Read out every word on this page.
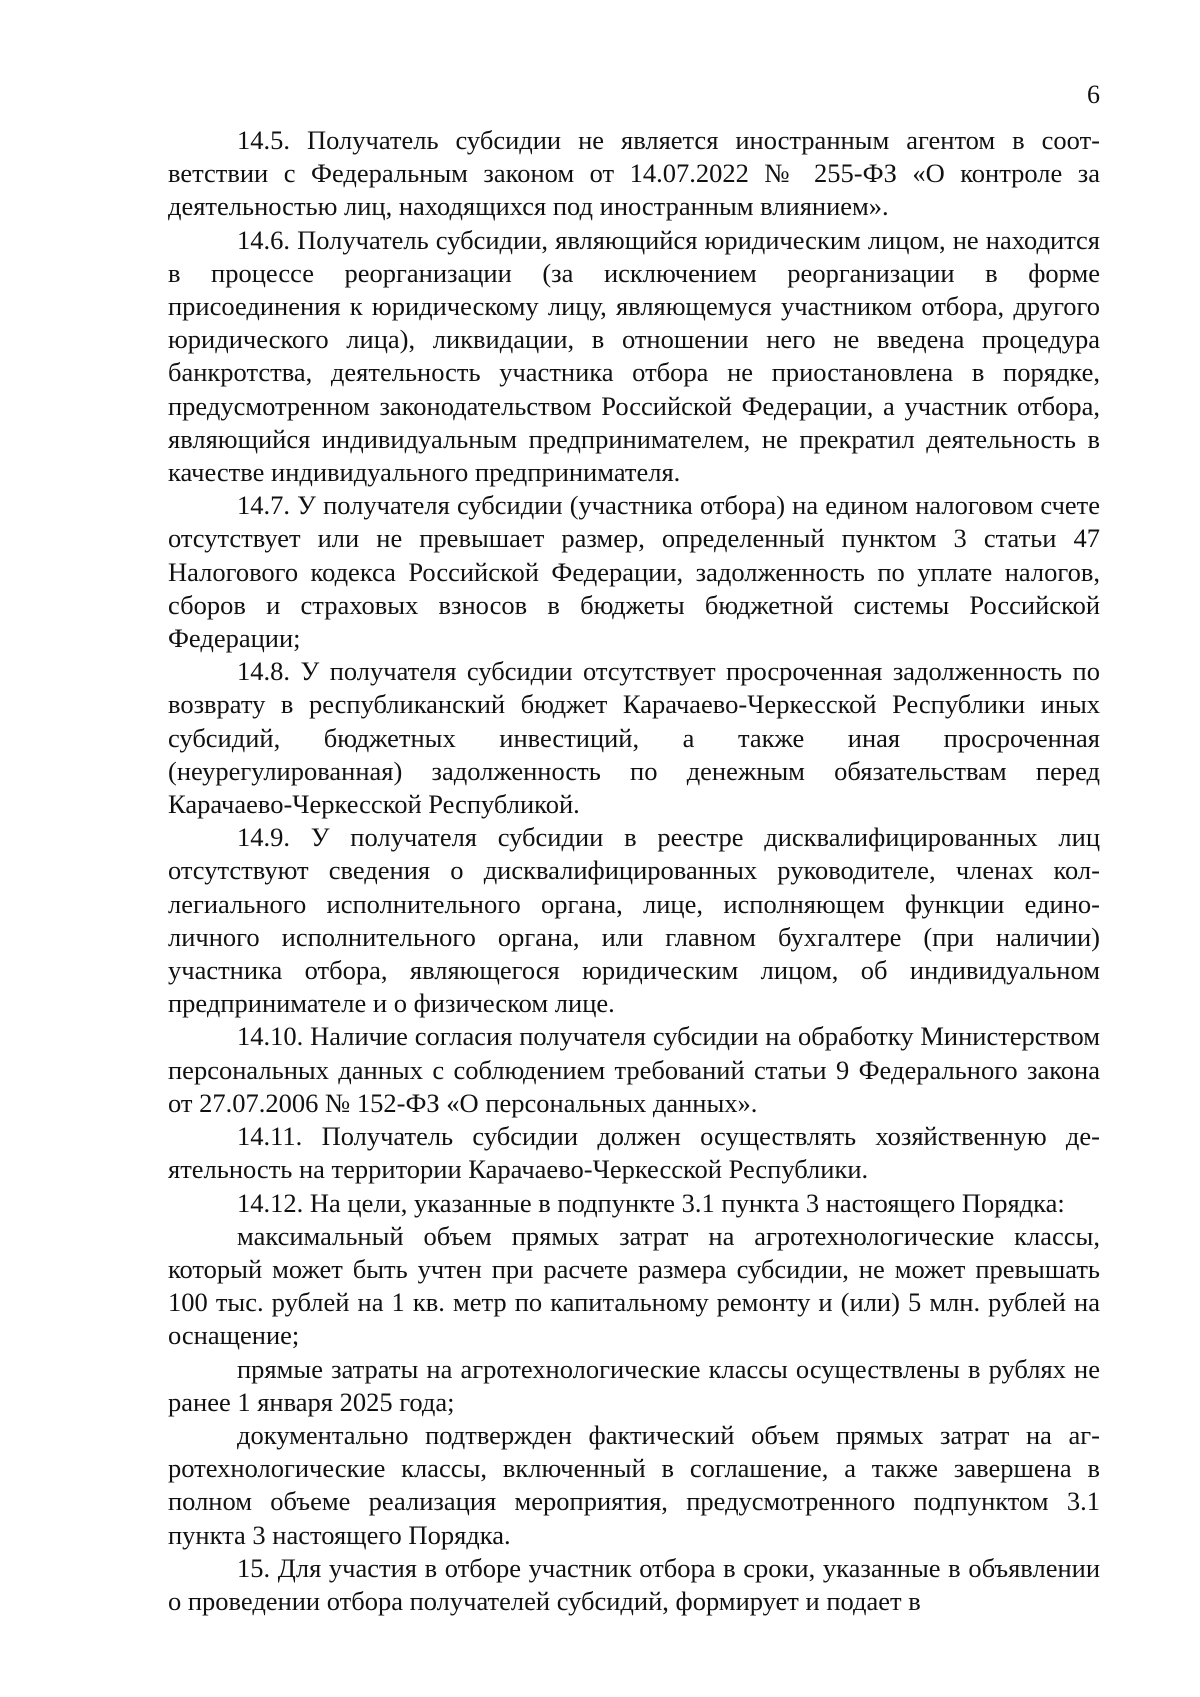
6

14.5. Получатель субсидии не является иностранным агентом в соответствии с Федеральным законом от 14.07.2022 № 255-ФЗ «О контроле за деятельностью лиц, находящихся под иностранным влиянием».

14.6. Получатель субсидии, являющийся юридическим лицом, не находится в процессе реорганизации (за исключением реорганизации в форме присоединения к юридическому лицу, являющемуся участником отбора, другого юридического лица), ликвидации, в отношении него не введена процедура банкротства, деятельность участника отбора не приостановлена в порядке, предусмотренном законодательством Российской Федерации, а участник отбора, являющийся индивидуальным предпринимателем, не прекратил деятельность в качестве индивидуального предпринимателя.

14.7. У получателя субсидии (участника отбора) на едином налоговом счете отсутствует или не превышает размер, определенный пунктом 3 статьи 47 Налогового кодекса Российской Федерации, задолженность по уплате налогов, сборов и страховых взносов в бюджеты бюджетной системы Российской Федерации;

14.8. У получателя субсидии отсутствует просроченная задолженность по возврату в республиканский бюджет Карачаево-Черкесской Республики иных субсидий, бюджетных инвестиций, а также иная просроченная (неурегулированная) задолженность по денежным обязательствам перед Карачаево-Черкесской Республикой.

14.9. У получателя субсидии в реестре дисквалифицированных лиц отсутствуют сведения о дисквалифицированных руководителе, членах коллегиального исполнительного органа, лице, исполняющем функции единоличного исполнительного органа, или главном бухгалтере (при наличии) участника отбора, являющегося юридическим лицом, об индивидуальном предпринимателе и о физическом лице.

14.10. Наличие согласия получателя субсидии на обработку Министерством персональных данных с соблюдением требований статьи 9 Федерального закона от 27.07.2006 № 152-ФЗ «О персональных данных».

14.11. Получатель субсидии должен осуществлять хозяйственную деятельность на территории Карачаево-Черкесской Республики.

14.12. На цели, указанные в подпункте 3.1 пункта 3 настоящего Порядка:

максимальный объем прямых затрат на агротехнологические классы, который может быть учтен при расчете размера субсидии, не может превышать 100 тыс. рублей на 1 кв. метр по капитальному ремонту и (или) 5 млн. рублей на оснащение;

прямые затраты на агротехнологические классы осуществлены в рублях не ранее 1 января 2025 года;

документально подтвержден фактический объем прямых затрат на агротехнологические классы, включенный в соглашение, а также завершена в полном объеме реализация мероприятия, предусмотренного подпунктом 3.1 пункта 3 настоящего Порядка.

15. Для участия в отборе участник отбора в сроки, указанные в объявлении о проведении отбора получателей субсидий, формирует и подает в
